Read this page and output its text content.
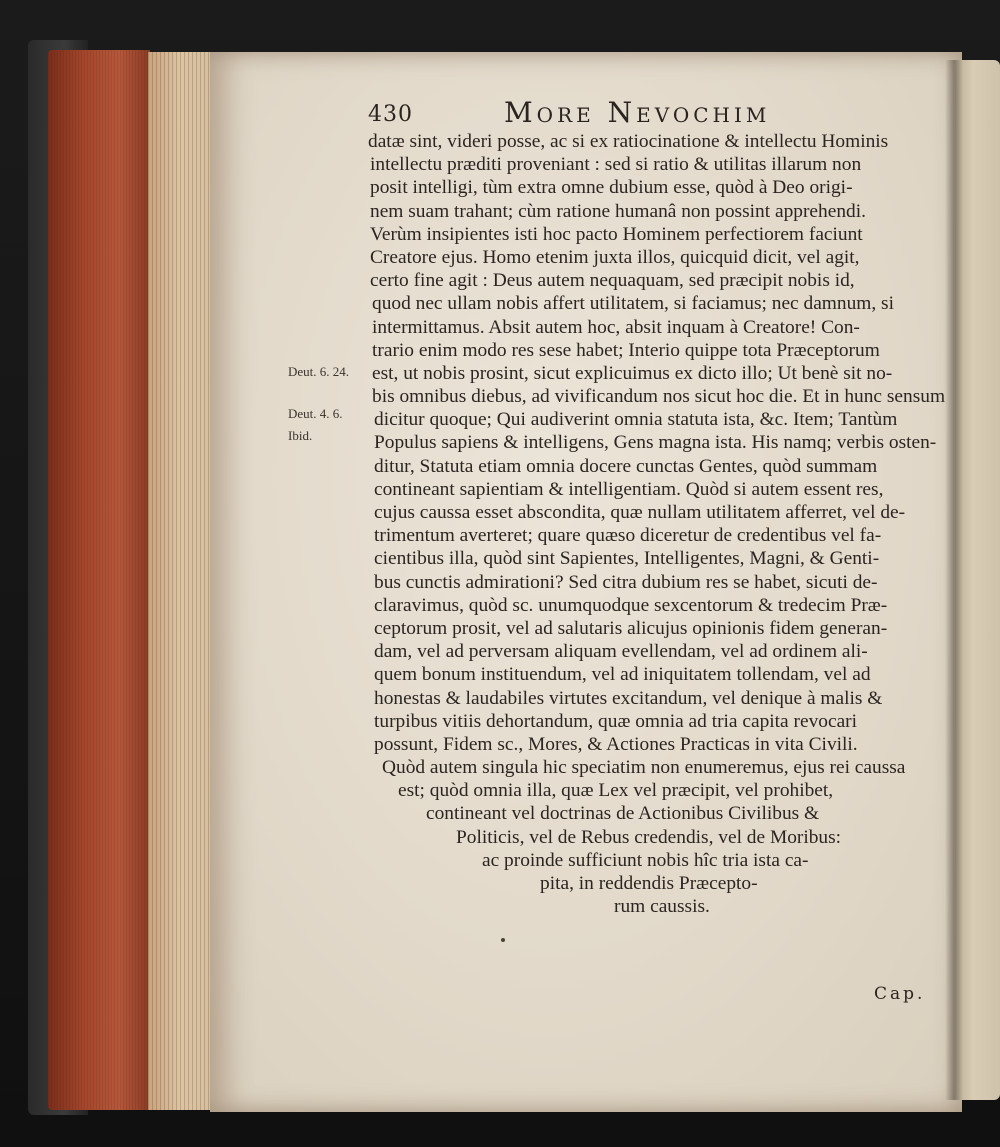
430	More Nevochim
datæ sint, videri posse, ac si ex ratiocinatione & intellectu Hominis
intellectu præditi proveniant : sed si ratio & utilitas illarum non
posit intelligi, tùm extra omne dubium esse, quòd à Deo origi-
nem suam trahant; cùm ratione humanâ non possint apprehendi.
Verùm insipientes isti hoc pacto Hominem perfectiorem faciunt
Creatore ejus. Homo etenim juxta illos, quicquid dicit, vel agit,
certo fine agit : Deus autem nequaquam, sed præcipit nobis id,
quod nec ullam nobis affert utilitatem, si faciamus; nec damnum, si
intermittamus. Absit autem hoc, absit inquam à Creatore! Con-
trario enim modo res sese habet; Interio quippe tota Præceptorum
est, ut nobis prosint, sicut explicuimus ex dicto illo; Ut benè sit no-
bis omnibus diebus, ad vivificandum nos sicut hoc die. Et in hunc sensum
dicitur quoque; Qui audiverint omnia statuta ista, &c. Item; Tantùm
Populus sapiens & intelligens, Gens magna ista. His namq; verbis osten-
ditur, Statuta etiam omnia docere cunctas Gentes, quòd summam
contineant sapientiam & intelligentiam. Quòd si autem essent res,
cujus caussa esset abscondita, quæ nullam utilitatem afferret, vel de-
trimentum averteret; quare quæso diceretur de credentibus vel fa-
cientibus illa, quòd sint Sapientes, Intelligentes, Magni, & Genti-
bus cunctis admirationi? Sed citra dubium res se habet, sicuti de-
claravimus, quòd sc. unumquodque sexcentorum & tredecim Præ-
ceptorum prosit, vel ad salutaris alicujus opinionis fidem generan-
dam, vel ad perversam aliquam evellendam, vel ad ordinem ali-
quem bonum instituendum, vel ad iniquitatem tollendam, vel ad
honestas & laudabiles virtutes excitandum, vel denique à malis &
turpibus vitiis dehortandum, quæ omnia ad tria capita revocari
possunt, Fidem sc., Mores, & Actiones Practicas in vita Civili.
Quòd autem singula hic speciatim non enumeremus, ejus rei caussa
est; quòd omnia illa, quæ Lex vel præcipit, vel prohibet,
contineant vel doctrinas de Actionibus Civilibus &
Politicis, vel de Rebus credendis, vel de Moribus:
ac proinde sufficiunt nobis hîc tria ista ca-
pita, in reddendis Præcepto-
rum caussis.
Deut. 6. 24.
Deut. 4. 6.
Ibid.
Cap.
